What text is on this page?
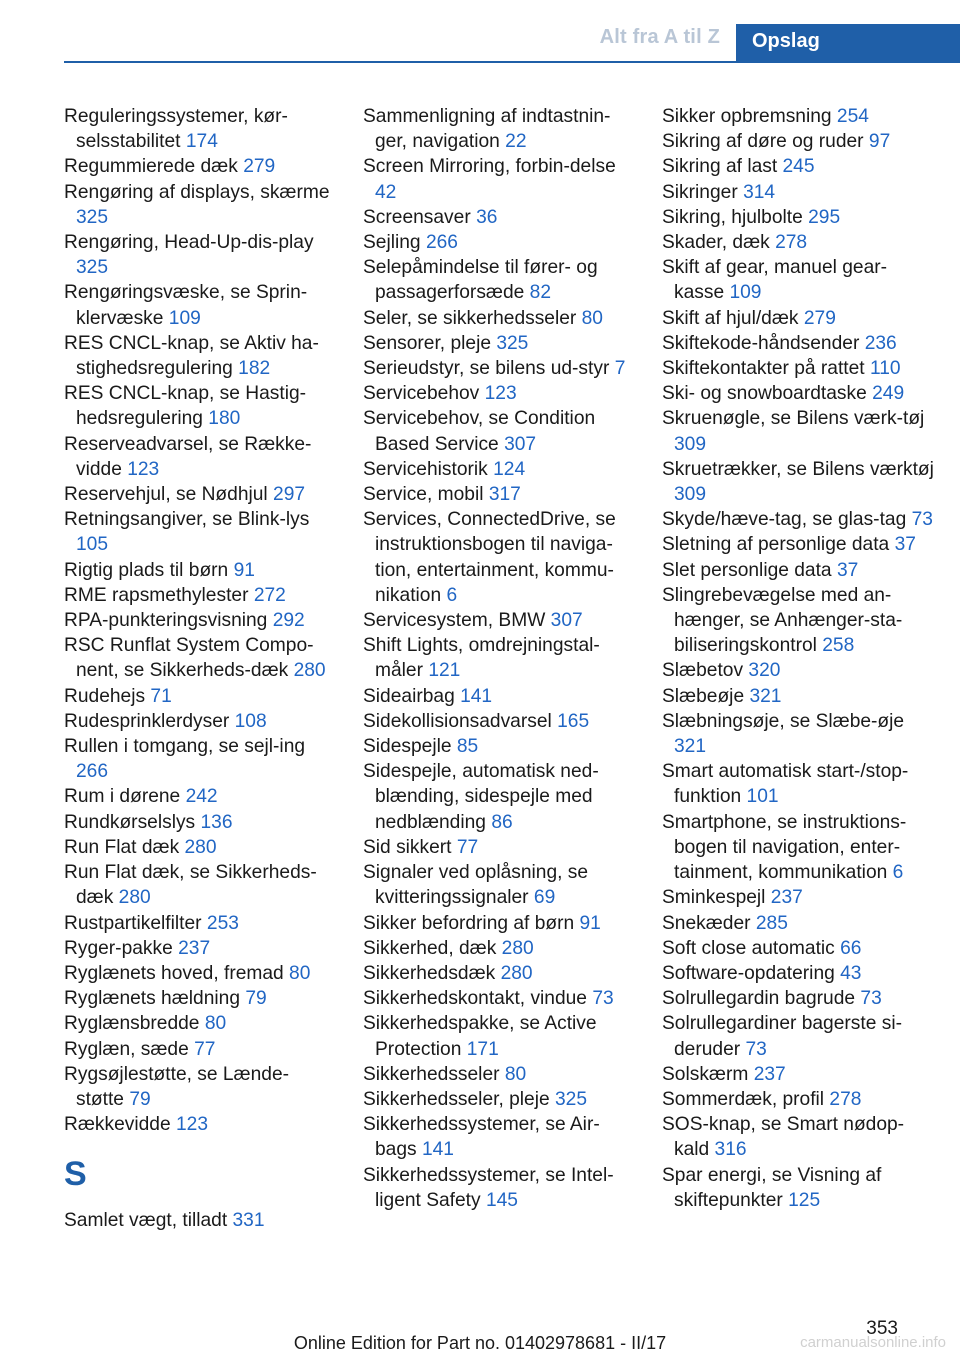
Alt fra A til Z	Opslag
Reguleringssystemer, kør-selsstabilitet 174
Regummierede dæk 279
Rengøring af displays, skærme 325
Rengøring, Head-Up-dis-play 325
Rengøringsvæske, se Sprin-klervæske 109
RES CNCL-knap, se Aktiv ha-stighedsregulering 182
RES CNCL-knap, se Hastig-hedsregulering 180
Reserveadvarsel, se Række-vidde 123
Reservehjul, se Nødhjul 297
Retningsangiver, se Blink-lys 105
Rigtig plads til børn 91
RME rapsmethylester 272
RPA-punkteringsvisning 292
RSC Runflat System Compo-nent, se Sikkerheds-dæk 280
Rudehejs 71
Rudesprinklerdyser 108
Rullen i tomgang, se sejl-ing 266
Rum i dørene 242
Rundkørselslys 136
Run Flat dæk 280
Run Flat dæk, se Sikkerheds-dæk 280
Rustpartikelfilter 253
Ryger-pakke 237
Ryglænets hoved, fremad 80
Ryglænets hældning 79
Ryglænsbredde 80
Ryglæn, sæde 77
Rygsøjlestøtte, se Lænde-støtte 79
Rækkevidde 123
S
Samlet vægt, tilladt 331
Sammenligning af indtastnin-ger, navigation 22
Screen Mirroring, forbin-delse 42
Screensaver 36
Sejling 266
Selepåmindelse til fører- og passagerforsæde 82
Seler, se sikkerhedsseler 80
Sensorer, pleje 325
Serieudstyr, se bilens ud-styr 7
Servicebehov 123
Servicebehov, se Condition Based Service 307
Servicehistorik 124
Service, mobil 317
Services, ConnectedDrive, se instruktionsbogen til naviga-tion, entertainment, kommu-nikation 6
Servicesystem, BMW 307
Shift Lights, omdrejningstal-måler 121
Sideairbag 141
Sidekollisionsadvarsel 165
Sidespejle 85
Sidespejle, automatisk ned-blænding, sidespejle med nedblænding 86
Sid sikkert 77
Signaler ved oplåsning, se kvitteringssignaler 69
Sikker befordring af børn 91
Sikkerhed, dæk 280
Sikkerhedsdæk 280
Sikkerhedskontakt, vindue 73
Sikkerhedspakke, se Active Protection 171
Sikkerhedsseler 80
Sikkerhedsseler, pleje 325
Sikkerhedssystemer, se Air-bags 141
Sikkerhedssystemer, se Intel-ligent Safety 145
Sikker opbremsning 254
Sikring af døre og ruder 97
Sikring af last 245
Sikringer 314
Sikring, hjulbolte 295
Skader, dæk 278
Skift af gear, manuel gear-kasse 109
Skift af hjul/dæk 279
Skiftekode-håndsender 236
Skiftekontakter på rattet 110
Ski- og snowboardtaske 249
Skruenøgle, se Bilens værk-tøj 309
Skruetrækker, se Bilens værktøj 309
Skyde/hæve-tag, se glas-tag 73
Sletning af personlige data 37
Slet personlige data 37
Slingrebevægelse med an-hænger, se Anhænger-sta-biliseringskontrol 258
Slæbetov 320
Slæbeøje 321
Slæbningsøje, se Slæbe-øje 321
Smart automatisk start-/stop-funktion 101
Smartphone, se instruktions-bogen til navigation, enter-tainment, kommunikation 6
Sminkespejl 237
Snekæder 285
Soft close automatic 66
Software-opdatering 43
Solrullegardin bagrude 73
Solrullegardiner bagerste si-deruder 73
Solskærm 237
Sommerdæk, profil 278
SOS-knap, se Smart nødop-kald 316
Spar energi, se Visning af skiftepunkter 125
353
Online Edition for Part no. 01402978681 - II/17	carmanualsonline.info
